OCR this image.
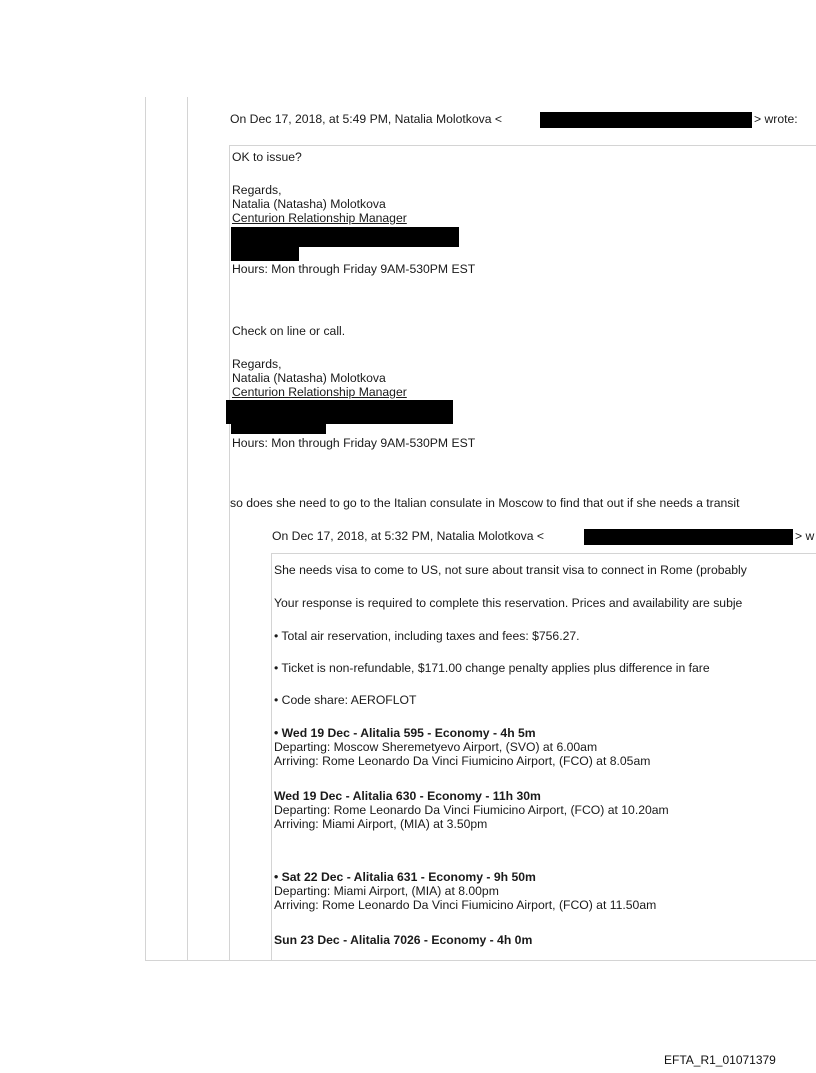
On Dec 17, 2018, at 5:49 PM, Natalia Molotkova <	> wrote:
OK to issue?
Regards,
Natalia (Natasha) Molotkova
Centurion Relationship Manager
Hours: Mon through Friday 9AM-530PM EST
Check on line or call.
Regards,
Natalia (Natasha) Molotkova
Centurion Relationship Manager
Hours: Mon through Friday 9AM-530PM EST
so does she need to go to the Italian consulate in Moscow to find that out if she needs a transit
On Dec 17, 2018, at 5:32 PM, Natalia Molotkova <	> w
She needs visa to come to US, not sure about transit visa to connect in Rome (probably
Your response is required to complete this reservation. Prices and availability are subje
• Total air reservation, including taxes and fees: $756.27.
• Ticket is non-refundable, $171.00 change penalty applies plus difference in fare
• Code share: AEROFLOT
• Wed 19 Dec - Alitalia 595 - Economy - 4h 5m
Departing: Moscow Sheremetyevo Airport, (SVO) at 6.00am
Arriving: Rome Leonardo Da Vinci Fiumicino Airport, (FCO) at 8.05am
Wed 19 Dec - Alitalia 630 - Economy - 11h 30m
Departing: Rome Leonardo Da Vinci Fiumicino Airport, (FCO) at 10.20am
Arriving: Miami Airport, (MIA) at 3.50pm
• Sat 22 Dec - Alitalia 631 - Economy - 9h 50m
Departing: Miami Airport, (MIA) at 8.00pm
Arriving: Rome Leonardo Da Vinci Fiumicino Airport, (FCO) at 11.50am
Sun 23 Dec - Alitalia 7026 - Economy - 4h 0m
EFTA_R1_01071379
